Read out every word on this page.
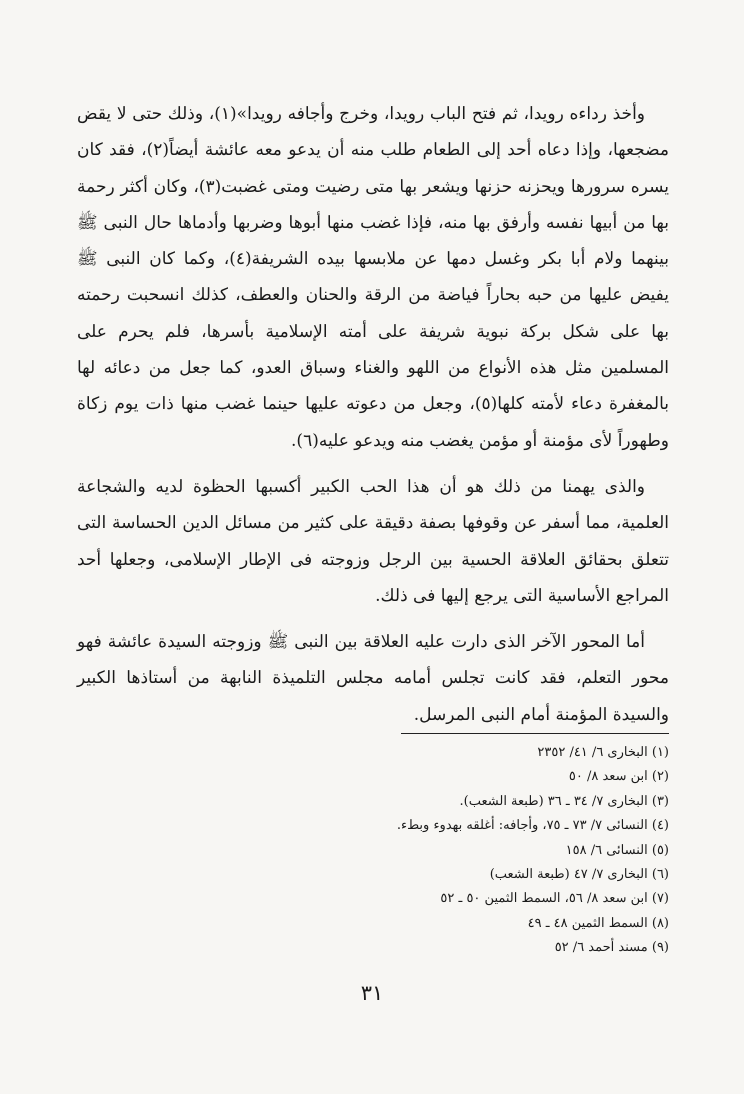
وأخذ رداءه رويدا، ثم فتح الباب رويدا، وخرج وأجافه رويدا»(١)، وذلك حتى لا يقض مضجعها، وإذا دعاه أحد إلى الطعام طلب منه أن يدعو معه عائشة أيضاً(٢)، فقد كان يسره سرورها ويحزنه حزنها ويشعر بها متى رضيت ومتى غضبت(٣)، وكان أكثر رحمة بها من أبيها نفسه وأرفق بها منه، فإذا غضب منها أبوها وضربها وأدماها حال النبى ﷺ بينهما ولام أبا بكر وغسل دمها عن ملابسها بيده الشريفة(٤)، وكما كان النبى ﷺ يفيض عليها من حبه بحاراً فياضة من الرقة والحنان والعطف، كذلك انسحبت رحمته بها على شكل بركة نبوية شريفة على أمته الإسلامية بأسرها، فلم يحرم على المسلمين مثل هذه الأنواع من اللهو والغناء وسباق العدو، كما جعل من دعائه لها بالمغفرة دعاء لأمته كلها(٥)، وجعل من دعوته عليها حينما غضب منها ذات يوم زكاة وطهوراً لأى مؤمنة أو مؤمن يغضب منه ويدعو عليه(٦).

والذى يهمنا من ذلك هو أن هذا الحب الكبير أكسبها الحظوة لديه والشجاعة العلمية، مما أسفر عن وقوفها بصفة دقيقة على كثير من مسائل الدين الحساسة التى تتعلق بحقائق العلاقة الحسية بين الرجل وزوجته فى الإطار الإسلامى، وجعلها أحد المراجع الأساسية التى يرجع إليها فى ذلك.

أما المحور الآخر الذى دارت عليه العلاقة بين النبى ﷺ وزوجته السيدة عائشة فهو محور التعلم، فقد كانت تجلس أمامه مجلس التلميذة النابهة من أستاذها الكبير والسيدة المؤمنة أمام النبى المرسل.

(١) البخارى ٦/ ٤١/ ٢٣٥٢
(٢) ابن سعد ٨/ ٥٠
(٣) البخارى ٧/ ٣٤ ـ ٣٦ (طبعة الشعب).
(٤) النسائى ٧/ ٧٣ ـ ٧٥، وأجافه: أغلقه بهدوء وبطء.
(٥) النسائى ٦/ ١٥٨
(٦) البخارى ٧/ ٤٧ (طبعة الشعب)
(٧) ابن سعد ٨/ ٥٦، السمط الثمين ٥٠ ـ ٥٢
(٨) السمط الثمين ٤٨ ـ ٤٩
(٩) مسند أحمد ٦/ ٥٢
٣١
